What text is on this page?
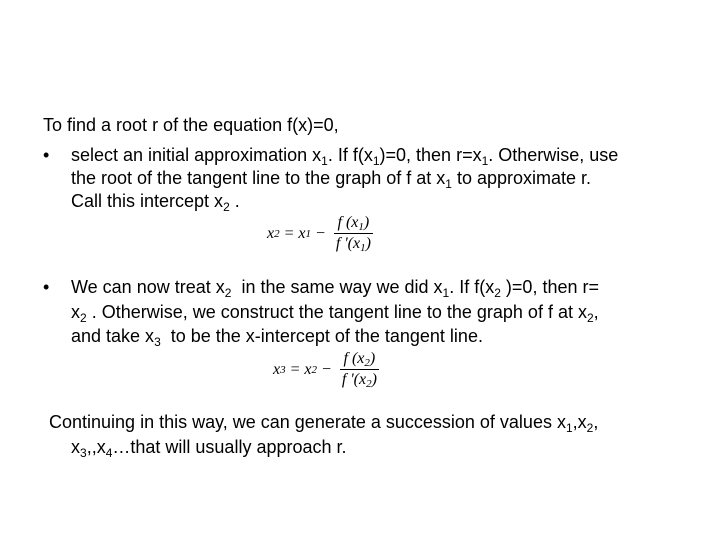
To find a root r of the equation f(x)=0,
• select an initial approximation $x_1$. If $f(x_1)=0$, then $r=x_1$. Otherwise, use
the root of the tangent line to the graph of f at $x_1$ to approximate r.
Call this intercept $x_2$ .
x 2 = x $1 - \frac{f (x_1)}{f '(x_1)}$
• We can now treat $x_2$  in the same way we did $x_1$. If $f(x_2$ )=0, then r=
$x_2$ . Otherwise, we construct the tangent line to the graph of f at $x_2$,
and take $x_3$  to be the x-intercept of the tangent line.
x 3 = x $2 - \frac{f (x_2)}{f '(x_2)}$
Continuing in this way, we can generate a succession of values $x_1,x_2$,
$x_3,,x_4\dots that$ will usually approach r.
